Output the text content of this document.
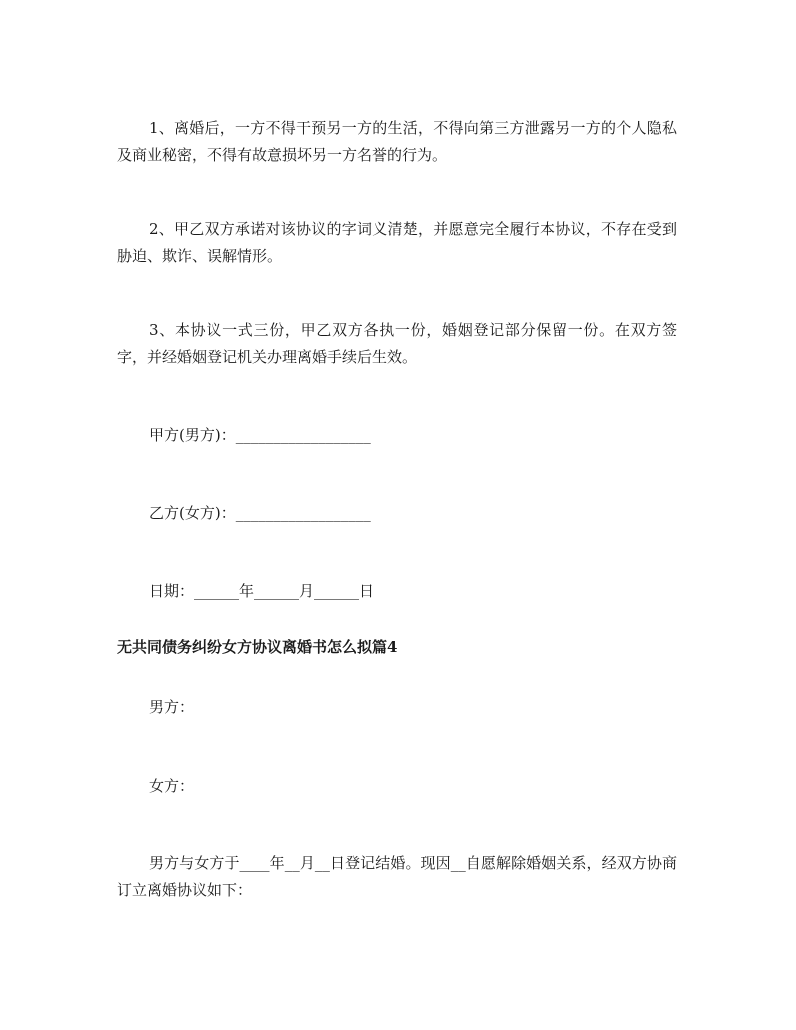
1、离婚后，一方不得干预另一方的生活，不得向第三方泄露另一方的个人隐私及商业秘密，不得有故意损坏另一方名誉的行为。

2、甲乙双方承诺对该协议的字词义清楚，并愿意完全履行本协议，不存在受到胁迫、欺诈、误解情形。

3、本协议一式三份，甲乙双方各执一份，婚姻登记部分保留一份。在双方签字，并经婚姻登记机关办理离婚手续后生效。

甲方(男方)：__________________

乙方(女方)：__________________

日期：______年______月______日

无共同债务纠纷女方协议离婚书怎么拟篇4

男方：

女方：

男方与女方于____年__月__日登记结婚。现因__自愿解除婚姻关系，经双方协商订立离婚协议如下：
